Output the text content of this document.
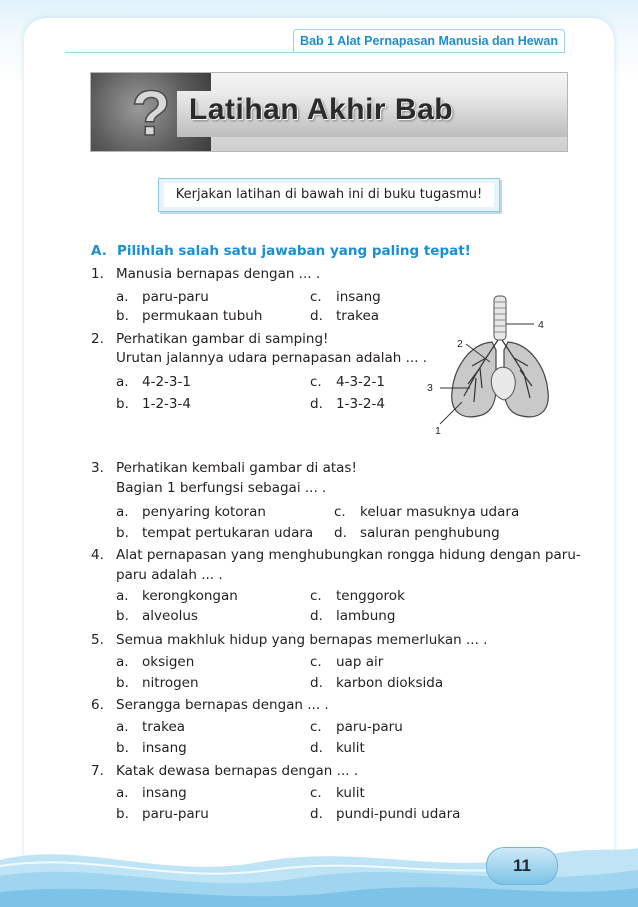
Bab 1 Alat Pernapasan Manusia dan Hewan
? Latihan Akhir Bab
Kerjakan latihan di bawah ini di buku tugasmu!
A. Pilihlah salah satu jawaban yang paling tepat!
1. Manusia bernapas dengan ... .
a. paru-paru	c. insang
b. permukaan tubuh	d. trakea
2. Perhatikan gambar di samping!
Urutan jalannya udara pernapasan adalah ... .
a. 4-2-3-1	c. 4-3-2-1
b. 1-2-3-4	d. 1-3-2-4
4
2
3
1
3. Perhatikan kembali gambar di atas!
Bagian 1 berfungsi sebagai ... .
a. penyaring kotoran	c. keluar masuknya udara
b. tempat pertukaran udara d. saluran penghubung
4. Alat pernapasan yang menghubungkan rongga hidung dengan paru-
paru adalah ... .
a. kerongkongan	c. tenggorok
b. alveolus	d. lambung
5. Semua makhluk hidup yang bernapas memerlukan ... .
a. oksigen	c. uap air
b. nitrogen	d. karbon dioksida
6. Serangga bernapas dengan ... .
a. trakea	c. paru-paru
b. insang	d. kulit
7. Katak dewasa bernapas dengan ... .
a. insang	c. kulit
b. paru-paru	d. pundi-pundi udara
11
